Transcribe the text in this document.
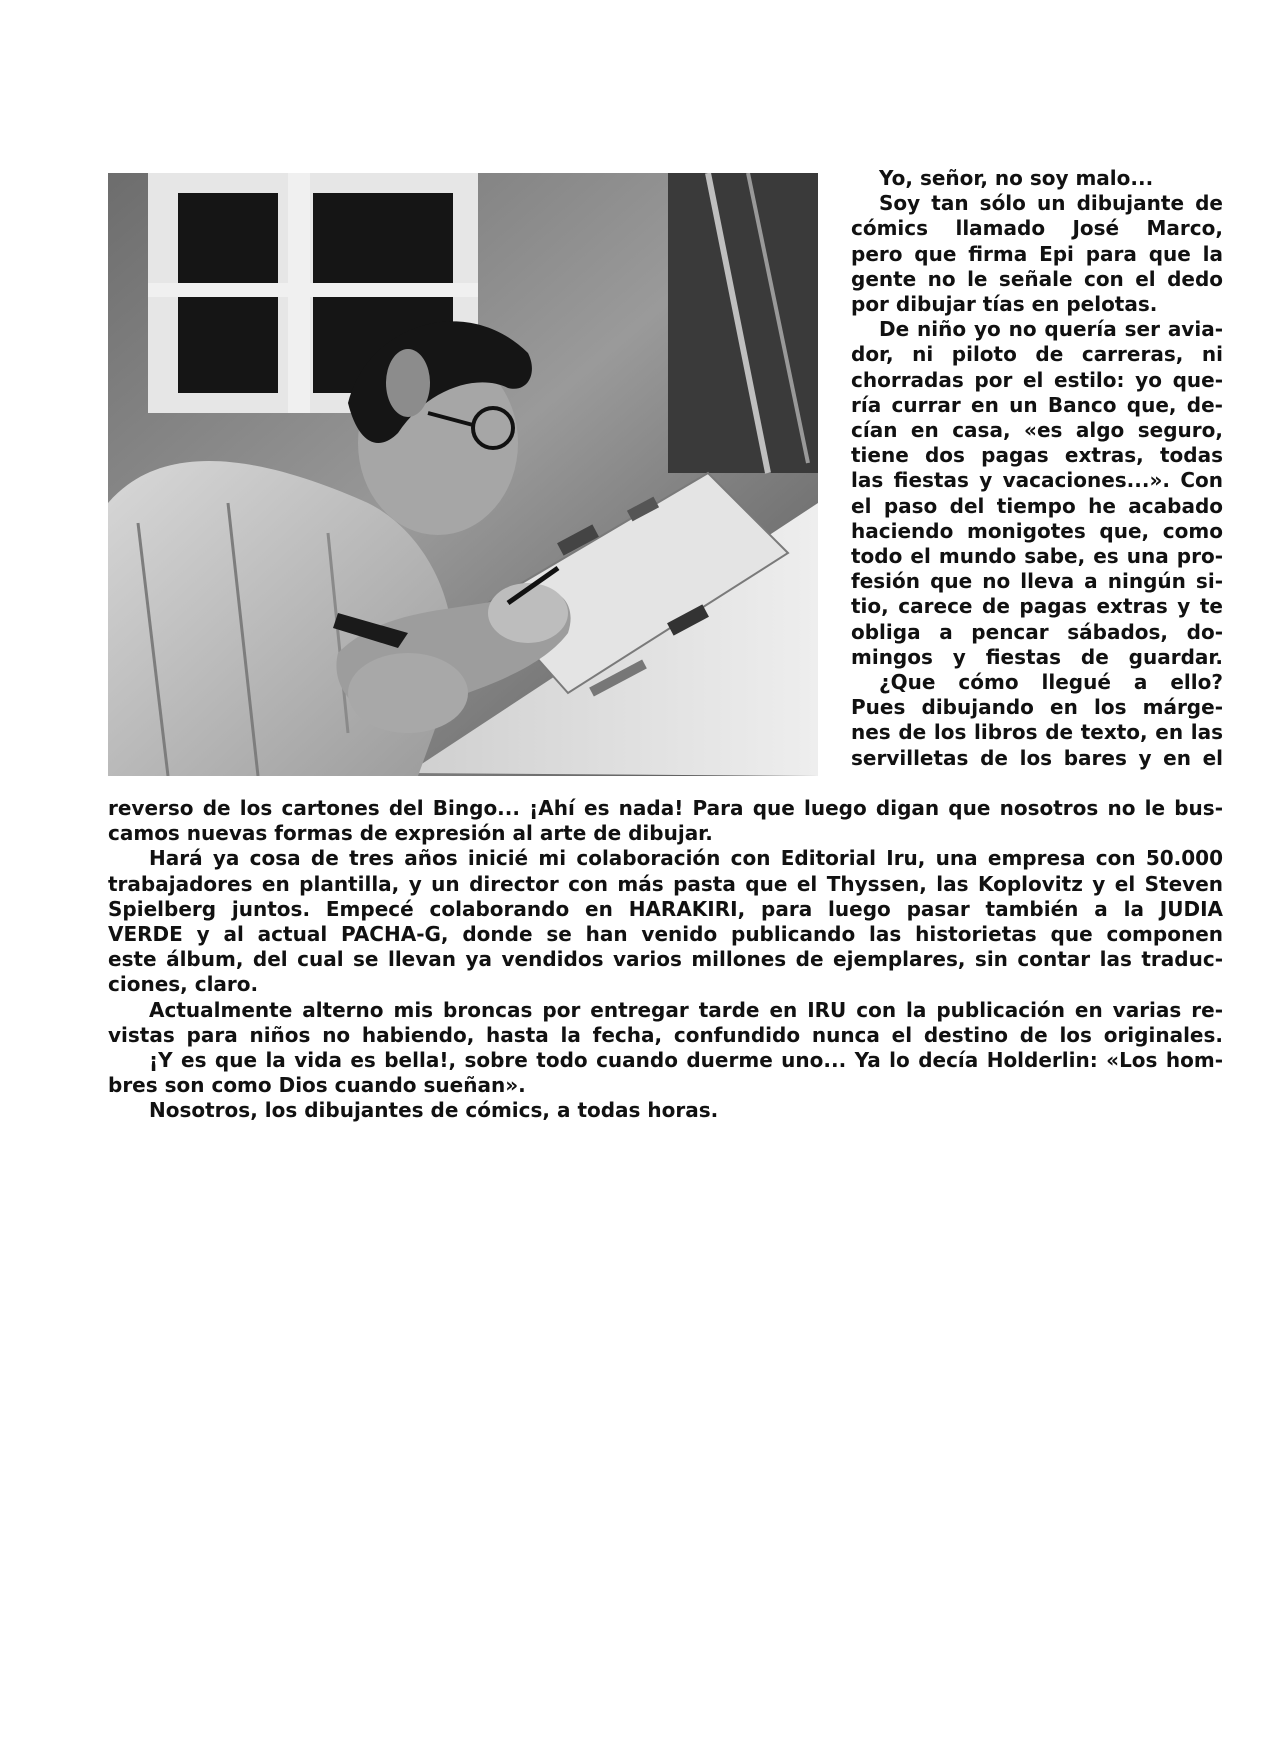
Yo, señor, no soy malo...
Soy tan sólo un dibujante de
cómics llamado José Marco,
pero que firma Epi para que la
gente no le señale con el dedo
por dibujar tías en pelotas.
De niño yo no quería ser avia-
dor, ni piloto de carreras, ni
chorradas por el estilo: yo que-
ría currar en un Banco que, de-
cían en casa, «es algo seguro,
tiene dos pagas extras, todas
las fiestas y vacaciones...». Con
el paso del tiempo he acabado
haciendo monigotes que, como
todo el mundo sabe, es una pro-
fesión que no lleva a ningún si-
tio, carece de pagas extras y te
obliga a pencar sábados, do-
mingos y fiestas de guardar.
¿Que cómo llegué a ello?
Pues dibujando en los márge-
nes de los libros de texto, en las
servilletas de los bares y en el
reverso de los cartones del Bingo... ¡Ahí es nada! Para que luego digan que nosotros no le bus-
camos nuevas formas de expresión al arte de dibujar.
Hará ya cosa de tres años inicié mi colaboración con Editorial Iru, una empresa con 50.000
trabajadores en plantilla, y un director con más pasta que el Thyssen, las Koplovitz y el Steven
Spielberg juntos. Empecé colaborando en HARAKIRI, para luego pasar también a la JUDIA
VERDE y al actual PACHA-G, donde se han venido publicando las historietas que componen
este álbum, del cual se llevan ya vendidos varios millones de ejemplares, sin contar las traduc-
ciones, claro.
Actualmente alterno mis broncas por entregar tarde en IRU con la publicación en varias re-
vistas para niños no habiendo, hasta la fecha, confundido nunca el destino de los originales.
¡Y es que la vida es bella!, sobre todo cuando duerme uno... Ya lo decía Holderlin: «Los hom-
bres son como Dios cuando sueñan».
Nosotros, los dibujantes de cómics, a todas horas.
